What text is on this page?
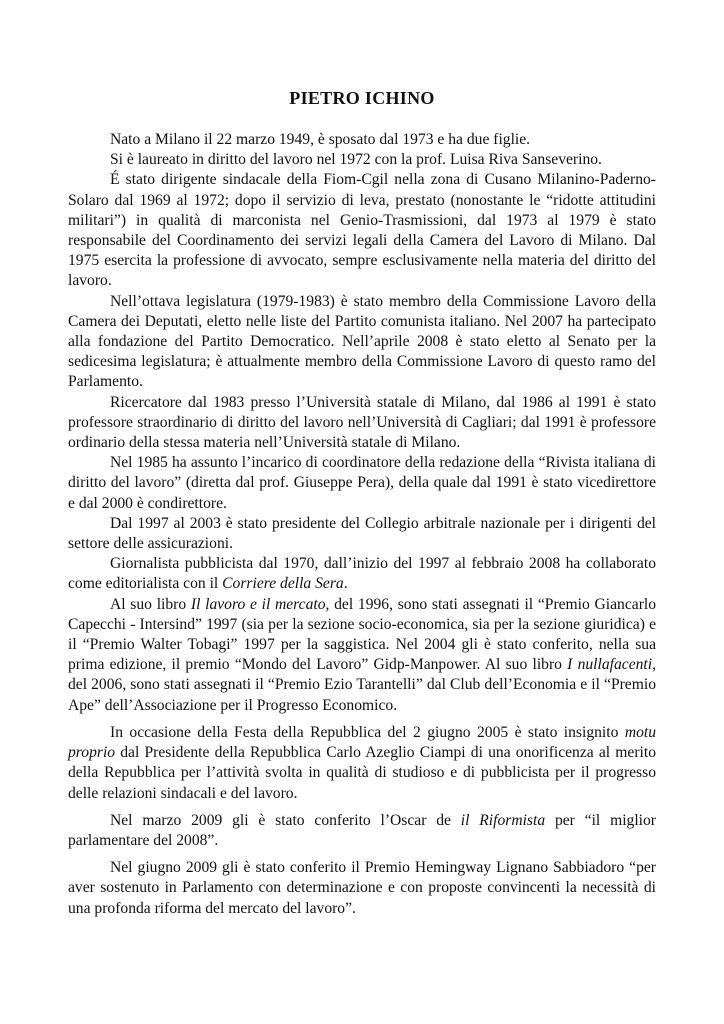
PIETRO ICHINO

Nato a Milano il 22 marzo 1949, è sposato dal 1973 e ha due figlie.

Si è laureato in diritto del lavoro nel 1972 con la prof. Luisa Riva Sanseverino.

É stato dirigente sindacale della Fiom-Cgil nella zona di Cusano Milanino-Paderno-Solaro dal 1969 al 1972; dopo il servizio di leva, prestato (nonostante le “ridotte attitudini militari”) in qualità di marconista nel Genio-Trasmissioni, dal 1973 al 1979 è stato responsabile del Coordinamento dei servizi legali della Camera del Lavoro di Milano. Dal 1975 esercita la professione di avvocato, sempre esclusivamente nella materia del diritto del lavoro.

Nell’ottava legislatura (1979-1983) è stato membro della Commissione Lavoro della Camera dei Deputati, eletto nelle liste del Partito comunista italiano. Nel 2007 ha partecipato alla fondazione del Partito Democratico. Nell’aprile 2008 è stato eletto al Senato per la sedicesima legislatura; è attualmente membro della Commissione Lavoro di questo ramo del Parlamento.

Ricercatore dal 1983 presso l’Università statale di Milano, dal 1986 al 1991 è stato professore straordinario di diritto del lavoro nell’Università di Cagliari; dal 1991 è professore ordinario della stessa materia nell’Università statale di Milano.

Nel 1985 ha assunto l’incarico di coordinatore della redazione della “Rivista italiana di diritto del lavoro” (diretta dal prof. Giuseppe Pera), della quale dal 1991 è stato vicedirettore e dal 2000 è condirettore.

Dal 1997 al 2003 è stato presidente del Collegio arbitrale nazionale per i dirigenti del settore delle assicurazioni.

Giornalista pubblicista dal 1970, dall’inizio del 1997 al febbraio 2008 ha collaborato come editorialista con il Corriere della Sera.

Al suo libro Il lavoro e il mercato, del 1996, sono stati assegnati il “Premio Giancarlo Capecchi - Intersind” 1997 (sia per la sezione socio-economica, sia per la sezione giuridica) e il “Premio Walter Tobagi” 1997 per la saggistica. Nel 2004 gli è stato conferito, nella sua prima edizione, il premio “Mondo del Lavoro” Gidp-Manpower. Al suo libro I nullafacenti, del 2006, sono stati assegnati il “Premio Ezio Tarantelli” dal Club dell’Economia e il “Premio Ape” dell’Associazione per il Progresso Economico.

In occasione della Festa della Repubblica del 2 giugno 2005 è stato insignito motu proprio dal Presidente della Repubblica Carlo Azeglio Ciampi di una onorificenza al merito della Repubblica per l’attività svolta in qualità di studioso e di pubblicista per il progresso delle relazioni sindacali e del lavoro.

Nel marzo 2009 gli è stato conferito l’Oscar de il Riformista per “il miglior parlamentare del 2008”.

Nel giugno 2009 gli è stato conferito il Premio Hemingway Lignano Sabbiadoro “per aver sostenuto in Parlamento con determinazione e con proposte convincenti la necessità di una profonda riforma del mercato del lavoro”.
